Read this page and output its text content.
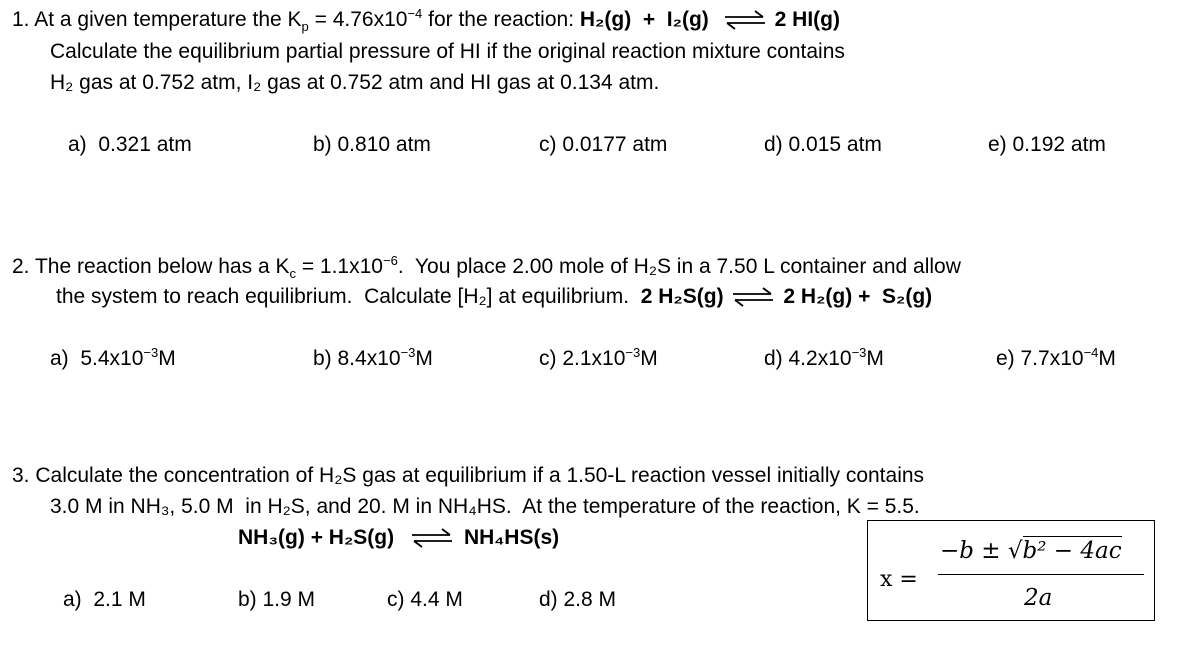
1. At a given temperature the $K_p = 4.76x10^{-4}$ for the reaction: H₂(g)  +  I₂(g)	2 HI(g)
Calculate the equilibrium partial pressure of HI if the original reaction mixture contains
H₂ gas at 0.752 atm, I₂ gas at 0.752 atm and HI gas at 0.134 atm.
a)  0.321 atm	b) 0.810 atm	c) 0.0177 atm	d) 0.015 atm	e) 0.192 atm
2. The reaction below has a $K_c = 1.1x10^{-6}$.  You place 2.00 mole of H₂S in a 7.50 L container and allow
the system to reach equilibrium.  Calculate [H₂] at equilibrium.  2 H₂S(g)	2 H₂(g) +  S₂(g)
a)  $5.4x10^{-3}M$	b) $8.4x10^{-3}M$	c) $2.1x10^{-3}M$	d) $4.2x10^{-3}M$	e) $7.7x10^{-4}M$
3. Calculate the concentration of H₂S gas at equilibrium if a 1.50-L reaction vessel initially contains
3.0 M in NH₃, 5.0 M  in H₂S, and 20. M in NH₄HS.  At the temperature of the reaction, K = 5.5.
NH₃(g) + H₂S(g)	NH₄HS(s)
a)  2.1 M	b) 1.9 M	c) 4.4 M	d) 2.8 M
x =
−b ± √b² − 4ac
2a
